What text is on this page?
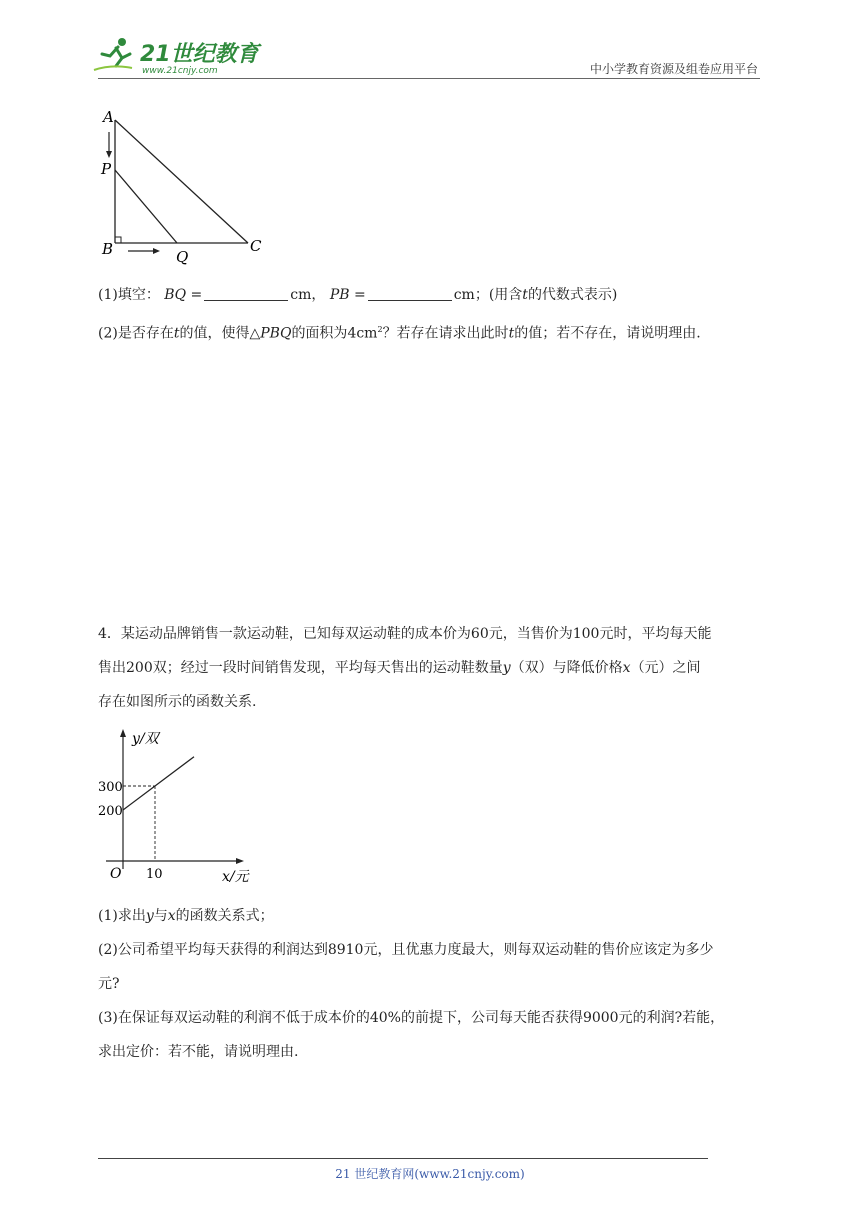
21世纪教育
www.21cnjy.com	中小学教育资源及组卷应用平台
A
P
B	Q
C
(1)填空： BQ =	cm， PB =	cm；(用含t的代数式表示)
(2)是否存在t的值，使得△PBQ的面积为$4cm^2$？若存在请求出此时t的值；若不存在，请说明理由.
4．某运动品牌销售一款运动鞋，已知每双运动鞋的成本价为60元，当售价为100元时，平均每天能
售出200双；经过一段时间销售发现，平均每天售出的运动鞋数量y（双）与降低价格x（元）之间
存在如图所示的函数关系.
y/双
x/元
O
300
200
10
(1)求出y与x的函数关系式；
(2)公司希望平均每天获得的利润达到8910元，且优惠力度最大，则每双运动鞋的售价应该定为多少
元?
(3)在保证每双运动鞋的利润不低于成本价的40%的前提下，公司每天能否获得9000元的利润?若能，
求出定价：若不能，请说明理由.
21 世纪教育网(www.21cnjy.com)
